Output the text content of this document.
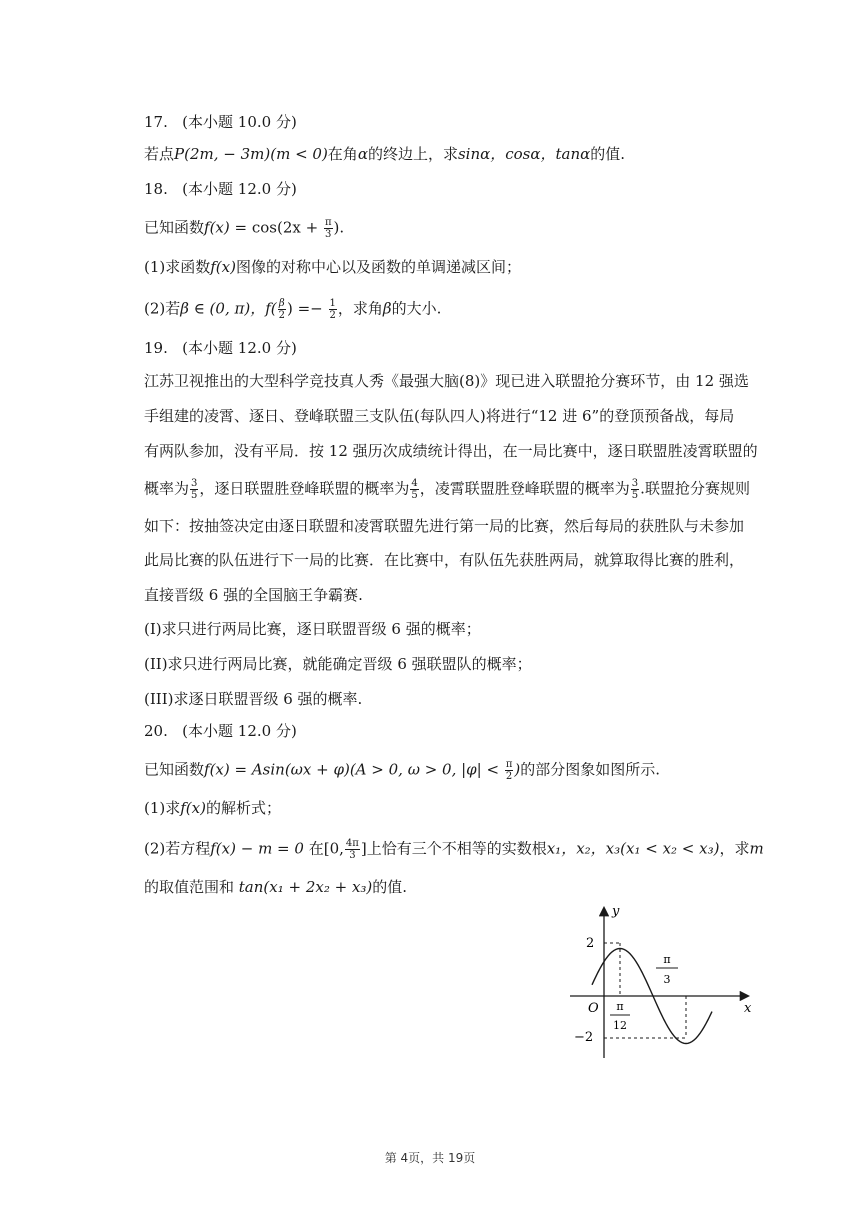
17.   (本小题 10.0 分)
若点P(2m, − 3m)(m < 0)在角α的终边上，求sinα，cosα，tanα的值.
18.   (本小题 12.0 分)
已知函数$f(x) = \cos(2x + \frac{\pi}{3}$ ).
(1)求函数f(x)图像的对称中心以及函数的单调递减区间；
(2)若β ∈ (0, π)，$f( \frac{\beta}{2}$ ) =− $\frac{1}{2}$ ，求角β的大小.
19.   (本小题 12.0 分)
江苏卫视推出的大型科学竞技真人秀《最强大脑(8)》现已进入联盟抢分赛环节，由 12 强选
手组建的凌霄、逐日、登峰联盟三支队伍(每队四人)将进行“12 进 6”的登顶预备战，每局
有两队参加，没有平局．按 12 强历次成绩统计得出，在一局比赛中，逐日联盟胜凌霄联盟的
概率为 $\frac{3}{5}$ ，逐日联盟胜登峰联盟的概率为 $\frac{4}{5}$ ，凌霄联盟胜登峰联盟的概率为 $\frac{3}{5}$ .联盟抢分赛规则
如下：按抽签决定由逐日联盟和凌霄联盟先进行第一局的比赛，然后每局的获胜队与未参加
此局比赛的队伍进行下一局的比赛．在比赛中，有队伍先获胜两局，就算取得比赛的胜利，
直接晋级 6 强的全国脑王争霸赛.
(I)求只进行两局比赛，逐日联盟晋级 6 强的概率；
(II)求只进行两局比赛，就能确定晋级 6 强联盟队的概率；
(III)求逐日联盟晋级 6 强的概率.
20.   (本小题 12.0 分)
已知函数f(x) = Asin(ωx + φ)(A > 0, ω > 0, $|\varphi| < \frac{\pi}{2}$ )的部分图象如图所示.
(1)求f(x)的解析式；
(2)若方程f(x) − m = 0 在[0, $\frac{4\pi}{3}$ ]上恰有三个不相等的实数根x₁，x₂，x₃(x₁ < x₂ < x₃)，求m
的取值范围和 tan(x₁ + 2x₂ + x₃)的值.
y
x
O
2
−2
π
12
π
3
第 4页，共 19页
